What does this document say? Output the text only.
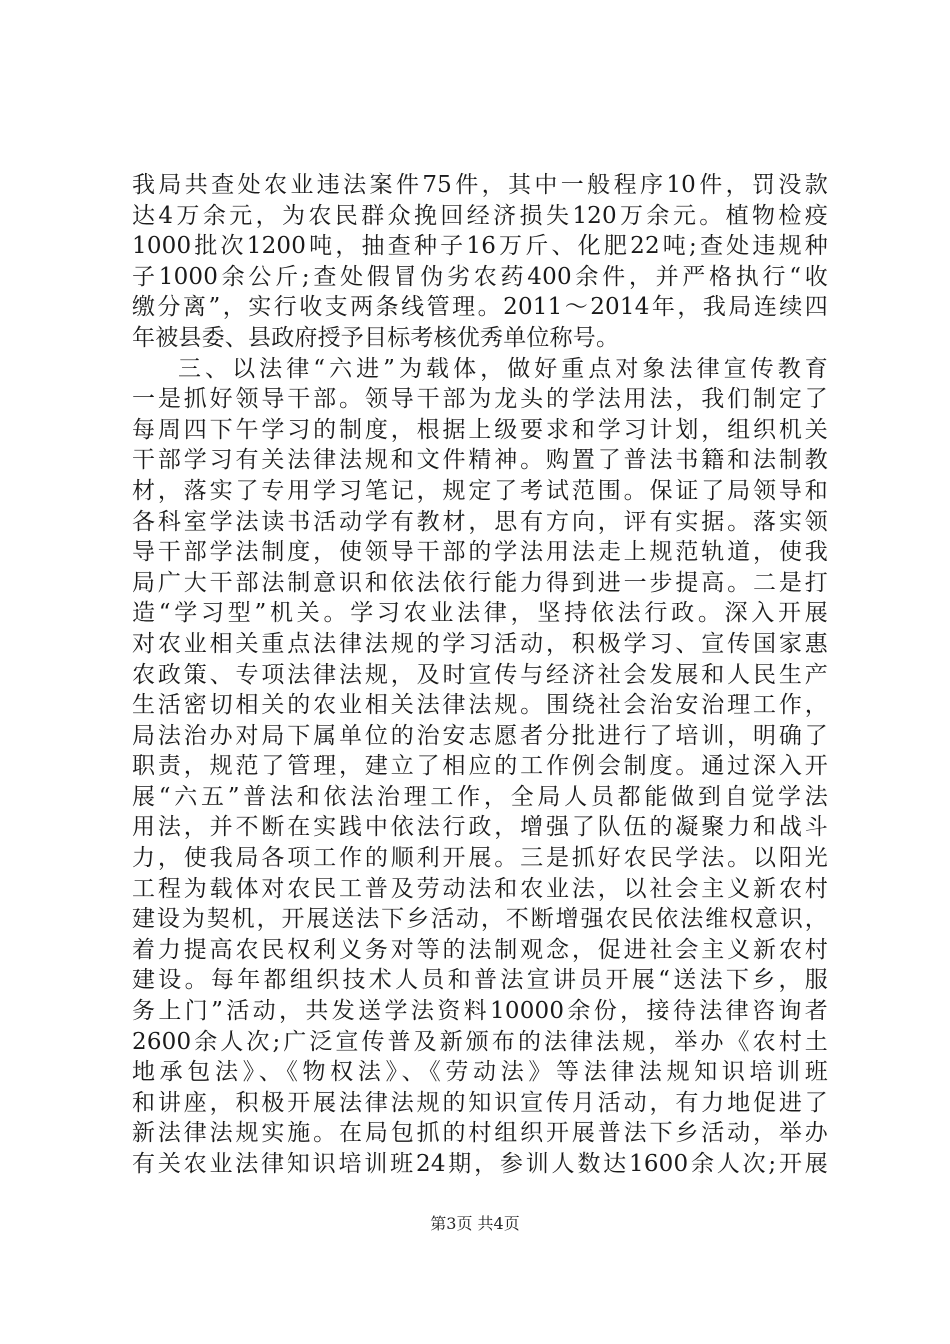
我局共查处农业违法案件75件，其中一般程序10件，罚没款
达4万余元，为农民群众挽回经济损失120万余元。植物检疫
1000批次1200吨，抽查种子16万斤、化肥22吨;查处违规种
子1000余公斤;查处假冒伪劣农药400余件，并严格执行“收
缴分离”，实行收支两条线管理。2011～2014年，我局连续四
年被县委、县政府授予目标考核优秀单位称号。
三、以法律“六进”为载体，做好重点对象法律宣传教育
一是抓好领导干部。领导干部为龙头的学法用法，我们制定了
每周四下午学习的制度，根据上级要求和学习计划，组织机关
干部学习有关法律法规和文件精神。购置了普法书籍和法制教
材，落实了专用学习笔记，规定了考试范围。保证了局领导和
各科室学法读书活动学有教材，思有方向，评有实据。落实领
导干部学法制度，使领导干部的学法用法走上规范轨道，使我
局广大干部法制意识和依法依行能力得到进一步提高。二是打
造“学习型”机关。学习农业法律，坚持依法行政。深入开展
对农业相关重点法律法规的学习活动，积极学习、宣传国家惠
农政策、专项法律法规，及时宣传与经济社会发展和人民生产
生活密切相关的农业相关法律法规。围绕社会治安治理工作，
局法治办对局下属单位的治安志愿者分批进行了培训，明确了
职责，规范了管理，建立了相应的工作例会制度。通过深入开
展“六五”普法和依法治理工作，全局人员都能做到自觉学法
用法，并不断在实践中依法行政，增强了队伍的凝聚力和战斗
力，使我局各项工作的顺利开展。三是抓好农民学法。以阳光
工程为载体对农民工普及劳动法和农业法，以社会主义新农村
建设为契机，开展送法下乡活动，不断增强农民依法维权意识，
着力提高农民权利义务对等的法制观念，促进社会主义新农村
建设。每年都组织技术人员和普法宣讲员开展“送法下乡，服
务上门”活动，共发送学法资料10000余份，接待法律咨询者
2600余人次;广泛宣传普及新颁布的法律法规，举办《农村土
地承包法》、《物权法》、《劳动法》等法律法规知识培训班
和讲座，积极开展法律法规的知识宣传月活动，有力地促进了
新法律法规实施。在局包抓的村组织开展普法下乡活动，举办
有关农业法律知识培训班24期，参训人数达1600余人次;开展
第3页 共4页
